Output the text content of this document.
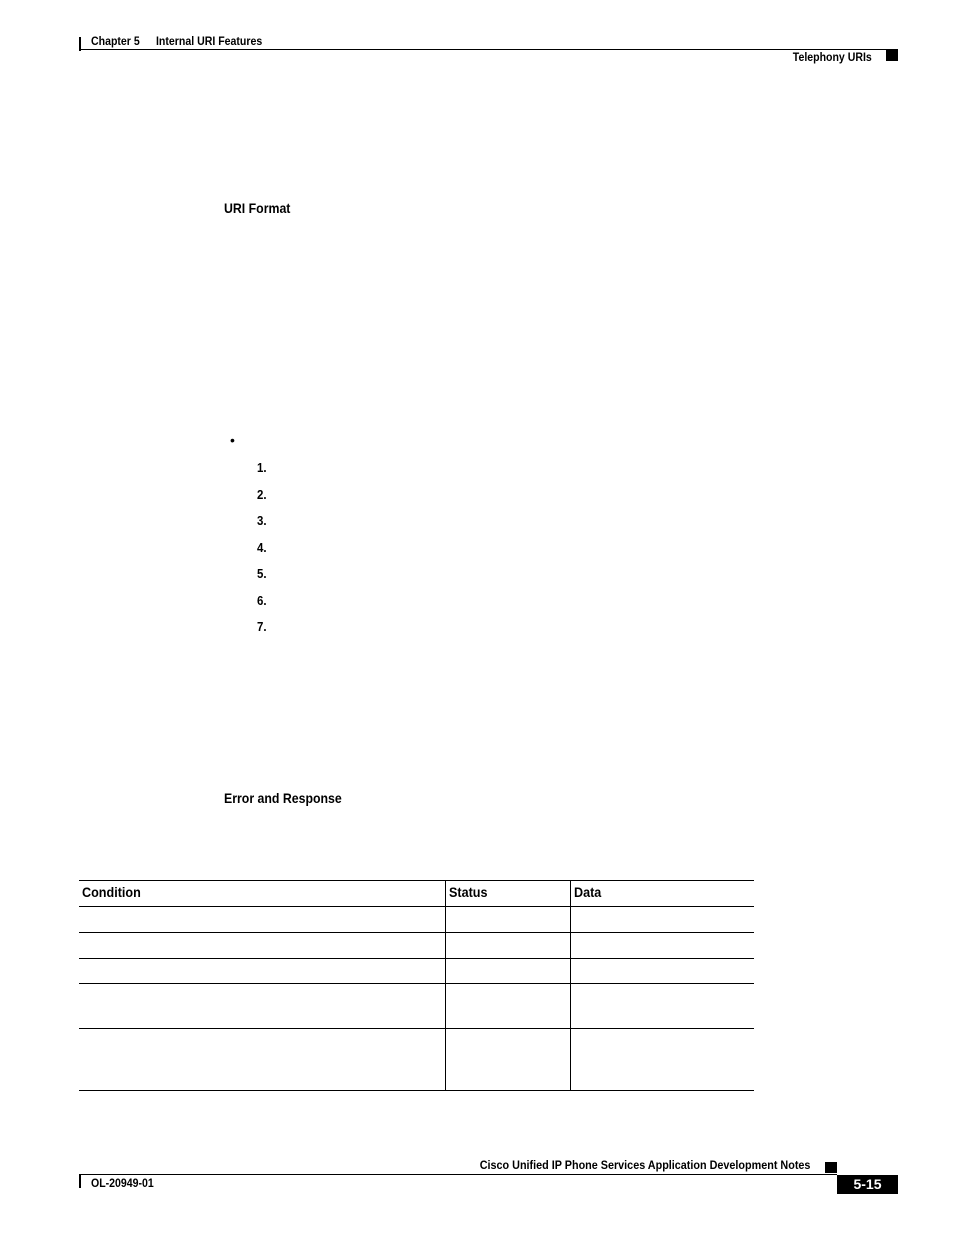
Chapter 5 Internal URI Features
Telephony URIs
URI Format
•
1.
2.
3.
4.
5.
6.
7.
Error and Response
Condition	Status	Data

Cisco Unified IP Phone Services Application Development Notes
OL-20949-01	5-15
